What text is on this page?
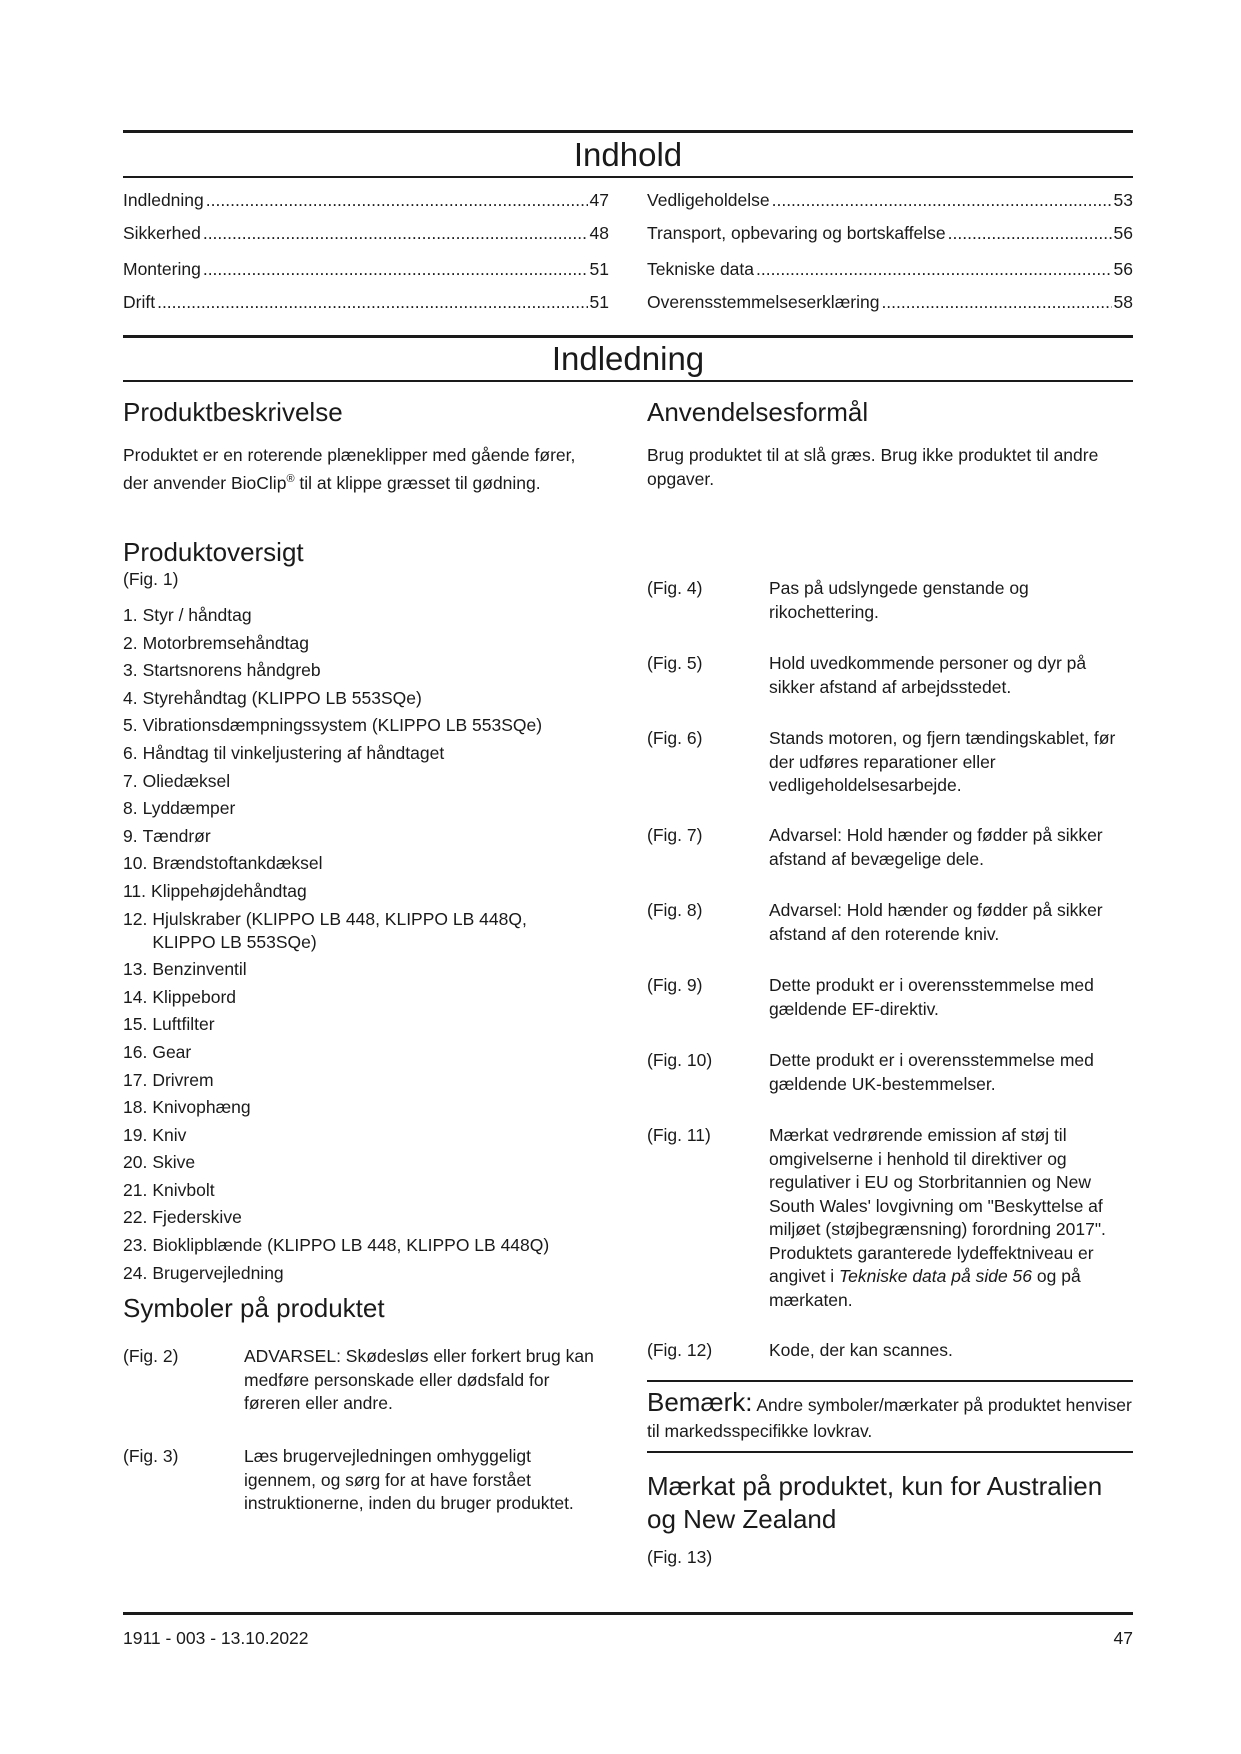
Indhold
Indledning .....	47
Sikkerhed .....	48
Montering .....	51
Drift .....	51
Vedligeholdelse .....	53
Transport, opbevaring og bortskaffelse .....	56
Tekniske data .....	56
Overensstemmelseserklæring .....	58
Indledning
Produktbeskrivelse
Produktet er en roterende plæneklipper med gående fører, der anvender BioClip® til at klippe græsset til gødning.
Anvendelsesformål
Brug produktet til at slå græs. Brug ikke produktet til andre opgaver.
Produktoversigt
(Fig. 1)
1. Styr / håndtag
2. Motorbremsehåndtag
3. Startsnorens håndgreb
4. Styrehåndtag (KLIPPO LB 553SQe)
5. Vibrationsdæmpningssystem (KLIPPO LB 553SQe)
6. Håndtag til vinkeljustering af håndtaget
7. Oliedæksel
8. Lyddæmper
9. Tændrør
10. Brændstoftankdæksel
11. Klippehøjdehåndtag
12. Hjulskraber (KLIPPO LB 448, KLIPPO LB 448Q, KLIPPO LB 553SQe)
13. Benzinventil
14. Klippebord
15. Luftfilter
16. Gear
17. Drivrem
18. Knivophæng
19. Kniv
20. Skive
21. Knivbolt
22. Fjederskive
23. Bioklipblænde (KLIPPO LB 448, KLIPPO LB 448Q)
24. Brugervejledning
Symboler på produktet
(Fig. 2)	ADVARSEL: Skødesløs eller forkert brug kan medføre personskade eller dødsfald for føreren eller andre.
(Fig. 3)	Læs brugervejledningen omhyggeligt igennem, og sørg for at have forstået instruktionerne, inden du bruger produktet.
(Fig. 4)	Pas på udslyngede genstande og rikochettering.
(Fig. 5)	Hold uvedkommende personer og dyr på sikker afstand af arbejdsstedet.
(Fig. 6)	Stands motoren, og fjern tændingskablet, før der udføres reparationer eller vedligeholdelsesarbejde.
(Fig. 7)	Advarsel: Hold hænder og fødder på sikker afstand af bevægelige dele.
(Fig. 8)	Advarsel: Hold hænder og fødder på sikker afstand af den roterende kniv.
(Fig. 9)	Dette produkt er i overensstemmelse med gældende EF-direktiv.
(Fig. 10)	Dette produkt er i overensstemmelse med gældende UK-bestemmelser.
(Fig. 11)	Mærkat vedrørende emission af støj til omgivelserne i henhold til direktiver og regulativer i EU og Storbritannien og New South Wales' lovgivning om "Beskyttelse af miljøet (støjbegrænsning) forordning 2017". Produktets garanterede lydeffektniveau er angivet i Tekniske data på side 56 og på mærkaten.
(Fig. 12)	Kode, der kan scannes.
Bemærk: Andre symboler/mærkater på produktet henviser til markedsspecifikke lovkrav.
Mærkat på produktet, kun for Australien og New Zealand
(Fig. 13)
1911 - 003 - 13.10.2022	47
